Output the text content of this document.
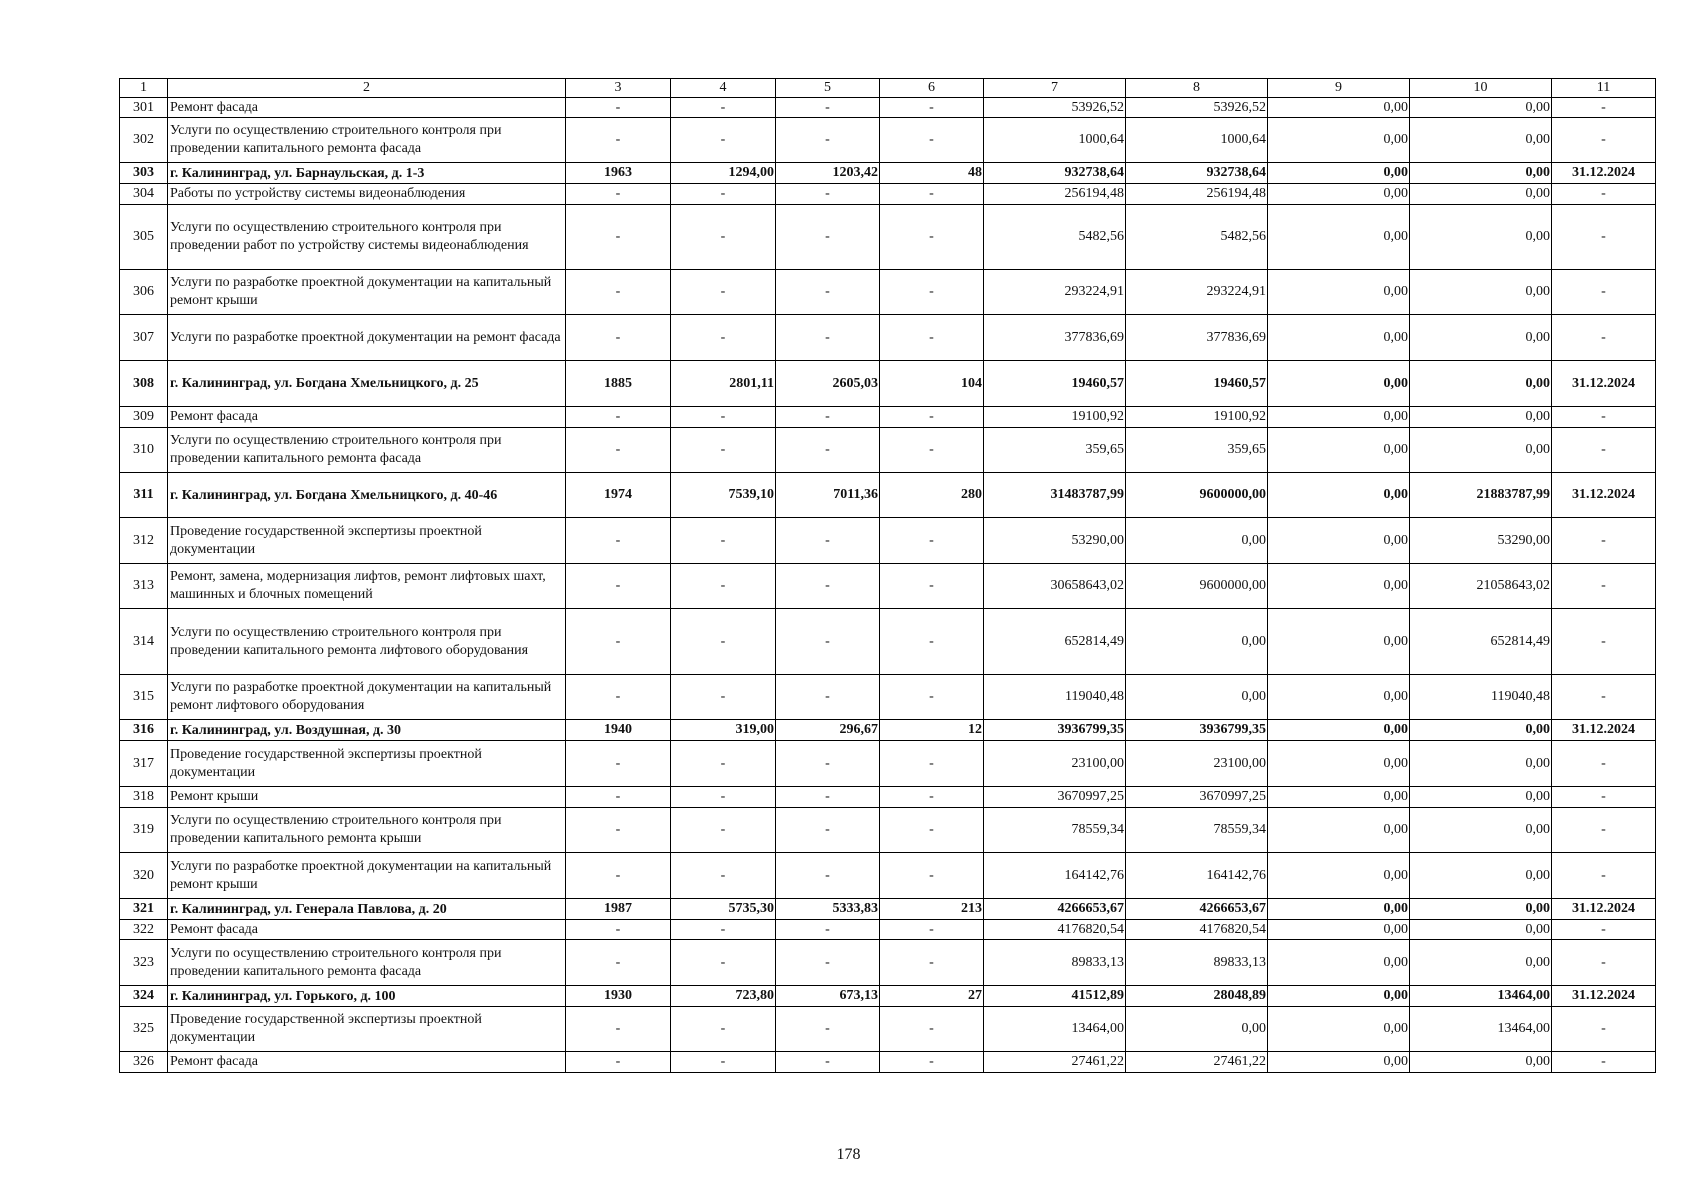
1	2	3	4	5	6	7	8	9	10	11
301	Ремонт фасада	-	-	-	-	53926,52	53926,52	0,00	0,00	-
302	Услуги по осуществлению строительного контроля при проведении капитального ремонта фасада	-	-	-	-	1000,64	1000,64	0,00	0,00	-
303	г. Калининград, ул. Барнаульская, д. 1-3	1963	1294,00	1203,42	48	932738,64	932738,64	0,00	0,00	31.12.2024
304	Работы по устройству системы видеонаблюдения	-	-	-	-	256194,48	256194,48	0,00	0,00	-
305	Услуги по осуществлению строительного контроля при проведении работ по устройству системы видеонаблюдения	-	-	-	-	5482,56	5482,56	0,00	0,00	-
306	Услуги по разработке проектной документации на капитальный ремонт крыши	-	-	-	-	293224,91	293224,91	0,00	0,00	-
307	Услуги по разработке проектной документации на ремонт фасада	-	-	-	-	377836,69	377836,69	0,00	0,00	-
308	г. Калининград, ул. Богдана Хмельницкого, д. 25	1885	2801,11	2605,03	104	19460,57	19460,57	0,00	0,00	31.12.2024
309	Ремонт фасада	-	-	-	-	19100,92	19100,92	0,00	0,00	-
310	Услуги по осуществлению строительного контроля при проведении капитального ремонта фасада	-	-	-	-	359,65	359,65	0,00	0,00	-
311	г. Калининград, ул. Богдана Хмельницкого, д. 40-46	1974	7539,10	7011,36	280	31483787,99	9600000,00	0,00	21883787,99	31.12.2024
312	Проведение государственной экспертизы проектной документации	-	-	-	-	53290,00	0,00	0,00	53290,00	-
313	Ремонт, замена, модернизация лифтов, ремонт лифтовых шахт, машинных и блочных помещений	-	-	-	-	30658643,02	9600000,00	0,00	21058643,02	-
314	Услуги по осуществлению строительного контроля при проведении капитального ремонта лифтового оборудования	-	-	-	-	652814,49	0,00	0,00	652814,49	-
315	Услуги по разработке проектной документации на капитальный ремонт лифтового оборудования	-	-	-	-	119040,48	0,00	0,00	119040,48	-
316	г. Калининград, ул. Воздушная, д. 30	1940	319,00	296,67	12	3936799,35	3936799,35	0,00	0,00	31.12.2024
317	Проведение государственной экспертизы проектной документации	-	-	-	-	23100,00	23100,00	0,00	0,00	-
318	Ремонт крыши	-	-	-	-	3670997,25	3670997,25	0,00	0,00	-
319	Услуги по осуществлению строительного контроля при проведении капитального ремонта крыши	-	-	-	-	78559,34	78559,34	0,00	0,00	-
320	Услуги по разработке проектной документации на капитальный ремонт крыши	-	-	-	-	164142,76	164142,76	0,00	0,00	-
321	г. Калининград, ул. Генерала Павлова, д. 20	1987	5735,30	5333,83	213	4266653,67	4266653,67	0,00	0,00	31.12.2024
322	Ремонт фасада	-	-	-	-	4176820,54	4176820,54	0,00	0,00	-
323	Услуги по осуществлению строительного контроля при проведении капитального ремонта фасада	-	-	-	-	89833,13	89833,13	0,00	0,00	-
324	г. Калининград, ул. Горького, д. 100	1930	723,80	673,13	27	41512,89	28048,89	0,00	13464,00	31.12.2024
325	Проведение государственной экспертизы проектной документации	-	-	-	-	13464,00	0,00	0,00	13464,00	-
326	Ремонт фасада	-	-	-	-	27461,22	27461,22	0,00	0,00	-
178
